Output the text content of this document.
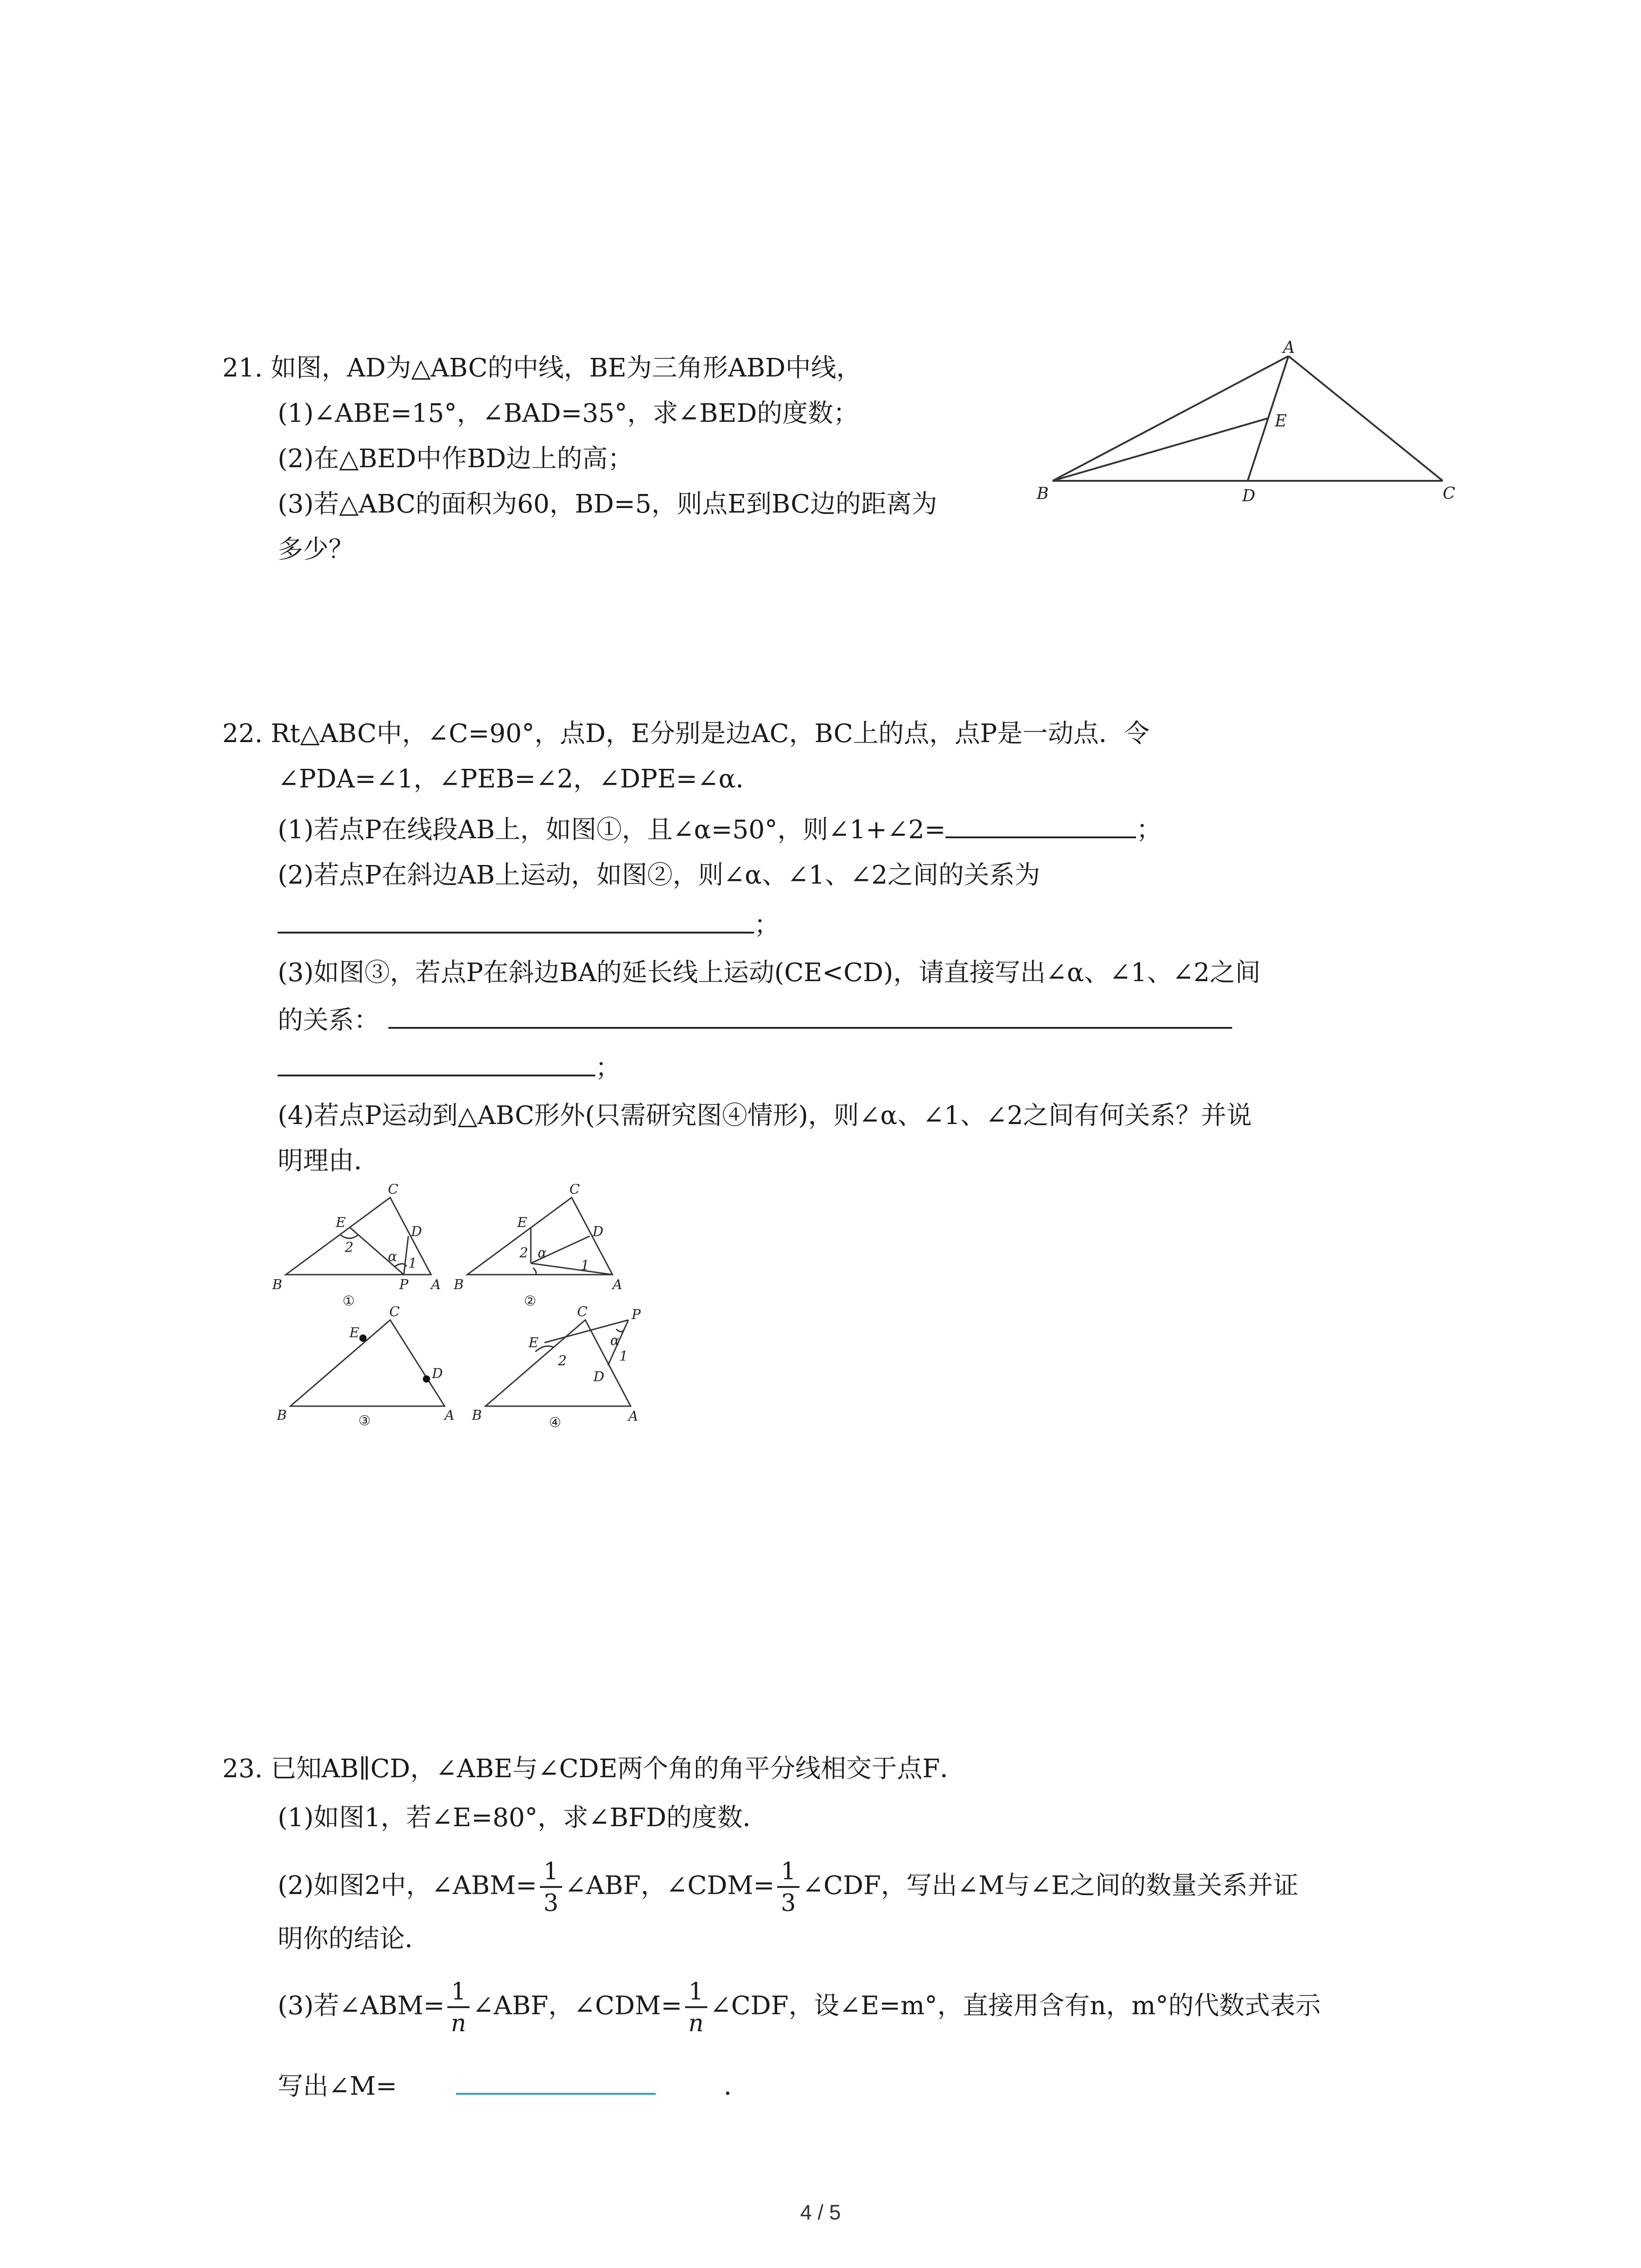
21. 如图，AD为△ABC的中线，BE为三角形ABD中线，
(1)∠ABE=15°，∠BAD=35°，求∠BED的度数；
(2)在△BED中作BD边上的高；
(3)若△ABC的面积为60，BD=5，则点E到BC边的距离为
多少？
A
B	C
D
E
22. Rt△ABC中，∠C=90°，点D，E分别是边AC，BC上的点，点P是一动点．令
∠PDA=∠1，∠PEB=∠2，∠DPE=∠α．
(1)若点P在线段AB上，如图①，且∠α=50°，则∠1+∠2=	；
(2)若点P在斜边AB上运动，如图②，则∠α、∠1、∠2之间的关系为
；
(3)如图③，若点P在斜边BA的延长线上运动(CE<CD)，请直接写出∠α、∠1、∠2之间
的关系：
；
(4)若点P运动到△ABC形外(只需研究图④情形)，则∠α、∠1、∠2之间有何关系？并说
明理由．
B	A
C
E
D
P
1
2
α
①
B	A
C
E
D
1
2 α
②
B	A
C
E
D
③	B	A
C
E
D
P
1
2
α
④
23. 已知AB∥CD，∠ABE与∠CDE两个角的角平分线相交于点F．
(1)如图1，若∠E=80°，求∠BFD的度数．
(2)如图2中，∠ABM= $\frac{1}{3}$ ∠ABF，∠CDM= $\frac{1}{3}$ ∠CDF，写出∠M与∠E之间的数量关系并证
明你的结论．
(3)若∠ABM= $\frac{1}{n}$ ∠ABF，∠CDM= $\frac{1}{n}$ ∠CDF，设∠E=m°，直接用含有n，m°的代数式表示
写出∠M=	．
4 / 5
